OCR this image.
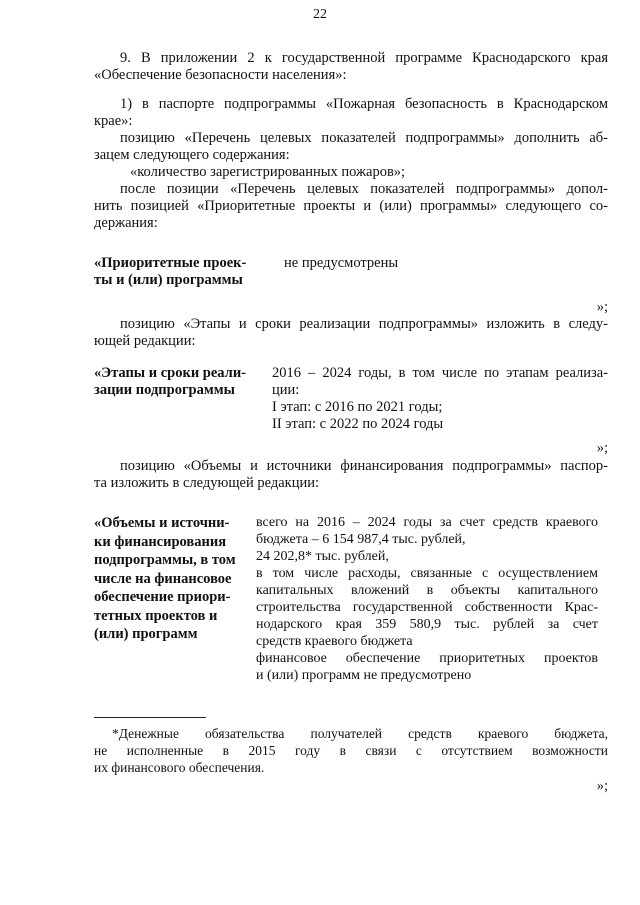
22
9. В приложении 2 к государственной программе Краснодарского края
«Обеспечение безопасности населения»:
1) в паспорте подпрограммы «Пожарная безопасность в Краснодарском
крае»:
позицию «Перечень целевых показателей подпрограммы» дополнить аб-
зацем следующего содержания:
«количество зарегистрированных пожаров»;
после позиции «Перечень целевых показателей подпрограммы» допол-
нить позицией «Приоритетные проекты и (или) программы» следующего со-
держания:
«Приоритетные проек-
ты и (или) программы
не предусмотрены
»;
позицию «Этапы и сроки реализации подпрограммы» изложить в следу-
ющей редакции:
«Этапы и сроки реали-
зации подпрограммы
2016 – 2024 годы, в том числе по этапам реализа-
ции:
I этап: с 2016 по 2021 годы;
II этап: с 2022 по 2024 годы
»;
позицию «Объемы и источники финансирования подпрограммы» паспор-
та изложить в следующей редакции:
«Объемы и источни-
ки финансирования
подпрограммы, в том
числе на финансовое
обеспечение приори-
тетных проектов и
(или) программ
всего на 2016 – 2024 годы за счет средств краевого
бюджета – 6 154 987,4 тыс. рублей,
24 202,8* тыс. рублей,
в том числе расходы, связанные с осуществлением
капитальных вложений в объекты капитального
строительства государственной собственности Крас-
нодарского края 359 580,9 тыс. рублей за счет
средств краевого бюджета
финансовое обеспечение приоритетных проектов
и (или) программ не предусмотрено
*Денежные обязательства получателей средств краевого бюджета,
не исполненные в 2015 году в связи с отсутствием возможности
их финансового обеспечения.
»;
